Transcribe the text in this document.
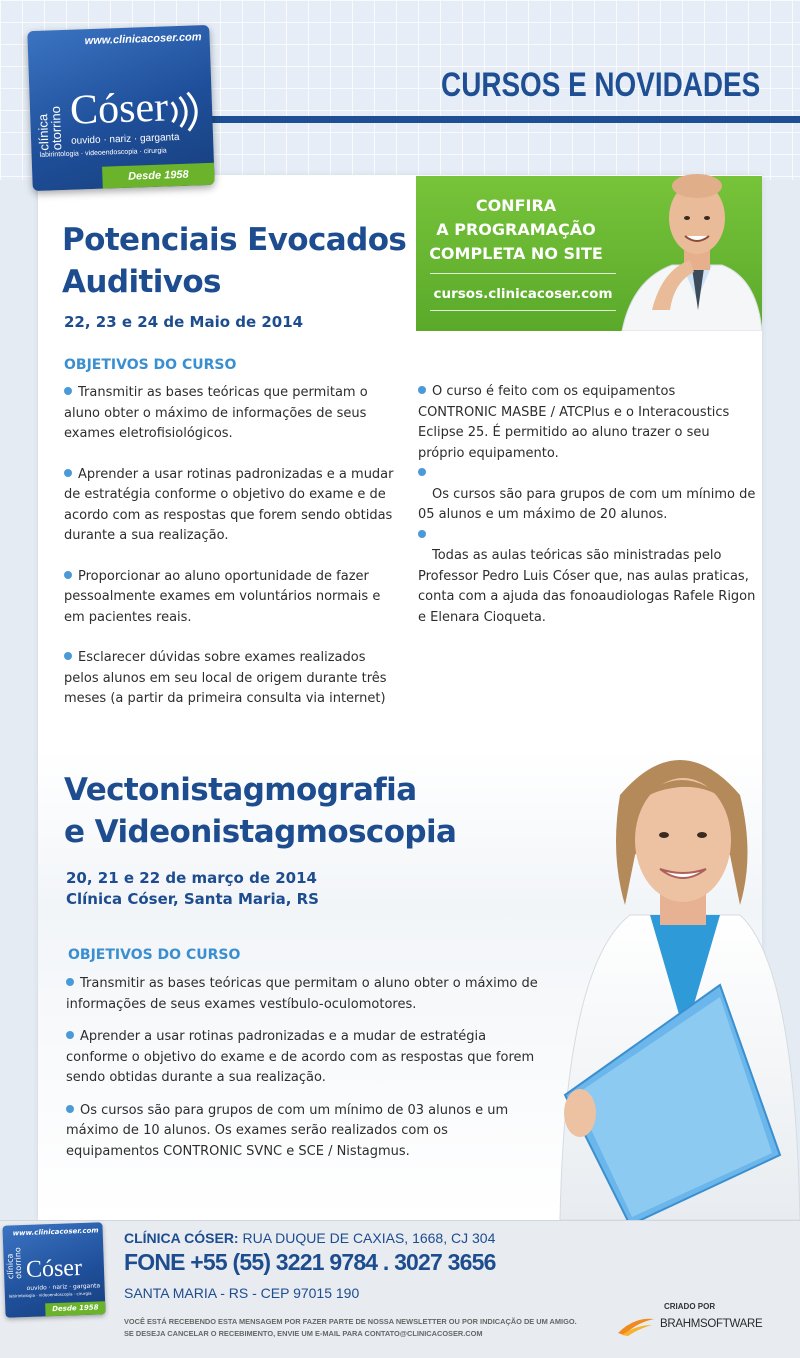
CURSOS E NOVIDADES
www.clinicacoser.com
clínica
otorrino Cóser
ouvido · nariz · garganta
labirintologia · videoendoscopia · cirurgia
Desde 1958
CONFIRA
A PROGRAMAÇÃO
COMPLETA NO SITE
cursos.clinicacoser.com
Potenciais Evocados
Auditivos
22, 23 e 24 de Maio de 2014
OBJETIVOS DO CURSO

Transmitir as bases teóricas que permitam o aluno obter o máximo de informações de seus exames eletrofisiológicos.

Aprender a usar rotinas padronizadas e a mudar de estratégia conforme o objetivo do exame e de acordo com as respostas que forem sendo obtidas durante a sua realização.

Proporcionar ao aluno oportunidade de fazer pessoalmente exames em voluntários normais e em pacientes reais.

Esclarecer dúvidas sobre exames realizados pelos alunos em seu local de origem durante três meses (a partir da primeira consulta via internet)

O curso é feito com os equipamentos CONTRONIC MASBE / ATCPlus e o Interacoustics Eclipse 25. É permitido ao aluno trazer o seu próprio equipamento.

Os cursos são para grupos de com um mínimo de 05 alunos e um máximo de 20 alunos.

Todas as aulas teóricas são ministradas pelo Professor Pedro Luis Cóser que, nas aulas praticas, conta com a ajuda das fonoaudiologas Rafele Rigon e Elenara Cioqueta.

Vectonistagmografia
e Videonistagmoscopia
20, 21 e 22 de março de 2014
Clínica Cóser, Santa Maria, RS
OBJETIVOS DO CURSO

Transmitir as bases teóricas que permitam o aluno obter o máximo de informações de seus exames vestíbulo-oculomotores.

Aprender a usar rotinas padronizadas e a mudar de estratégia conforme o objetivo do exame e de acordo com as respostas que forem sendo obtidas durante a sua realização.

Os cursos são para grupos de com um mínimo de 03 alunos e um máximo de 10 alunos. Os exames serão realizados com os equipamentos CONTRONIC SVNC e SCE / Nistagmus.

www.clinicacoser.com
clínica
otorrino Cóser
ouvido · nariz · garganta
labirintologia · videoendoscopia · cirurgia
Desde 1958
CLÍNICA CÓSER: RUA DUQUE DE CAXIAS, 1668, CJ 304
FONE +55 (55) 3221 9784 . 3027 3656
SANTA MARIA - RS - CEP 97015 190
VOCÊ ESTÁ RECEBENDO ESTA MENSAGEM POR FAZER PARTE DE NOSSA NEWSLETTER OU POR INDICAÇÃO DE UM AMIGO.
SE DESEJA CANCELAR O RECEBIMENTO, ENVIE UM E-MAIL PARA CONTATO@CLINICACOSER.COM
CRIADO POR
BRAHMSOFTWARE
